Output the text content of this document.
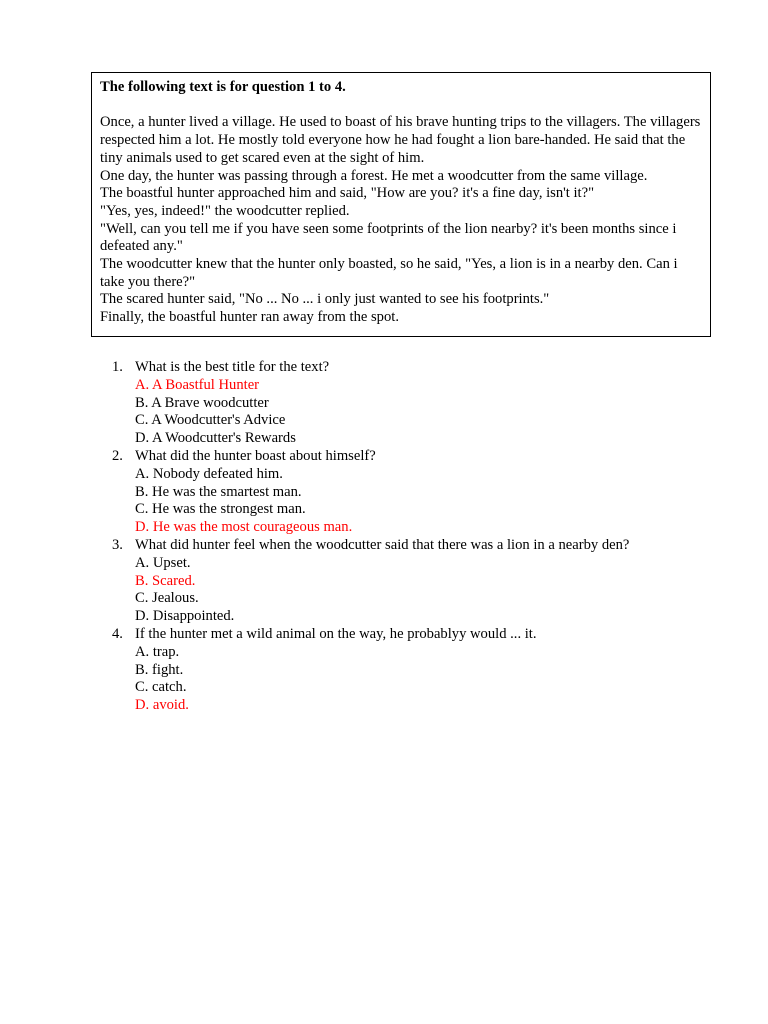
The following text is for question 1 to 4.

Once, a hunter lived a village. He used to boast of his brave hunting trips to the villagers. The villagers respected him a lot. He mostly told everyone how he had fought a lion bare-handed. He said that the tiny animals used to get scared even at the sight of him.

One day, the hunter was passing through a forest. He met a woodcutter from the same village.

The boastful hunter approached him and said, "How are you? it's a fine day, isn't it?"

"Yes, yes, indeed!" the woodcutter replied.

"Well, can you tell me if you have seen some footprints of the lion nearby? it's been months since i defeated any."

The woodcutter knew that the hunter only boasted, so he said, "Yes, a lion is in a nearby den. Can i take you there?"

The scared hunter said, "No ... No ... i only just wanted to see his footprints."

Finally, the boastful hunter ran away from the spot.

1. What is the best title for the text?
A. A Boastful Hunter
B. A Brave woodcutter
C. A Woodcutter's Advice
D. A Woodcutter's Rewards
2. What did the hunter boast about himself?
A. Nobody defeated him.
B. He was the smartest man.
C. He was the strongest man.
D. He was the most courageous man.
3. What did hunter feel when the woodcutter said that there was a lion in a nearby den?
A. Upset.
B. Scared.
C. Jealous.
D. Disappointed.
4. If the hunter met a wild animal on the way, he probablyy would ... it.
A. trap.
B. fight.
C. catch.
D. avoid.
